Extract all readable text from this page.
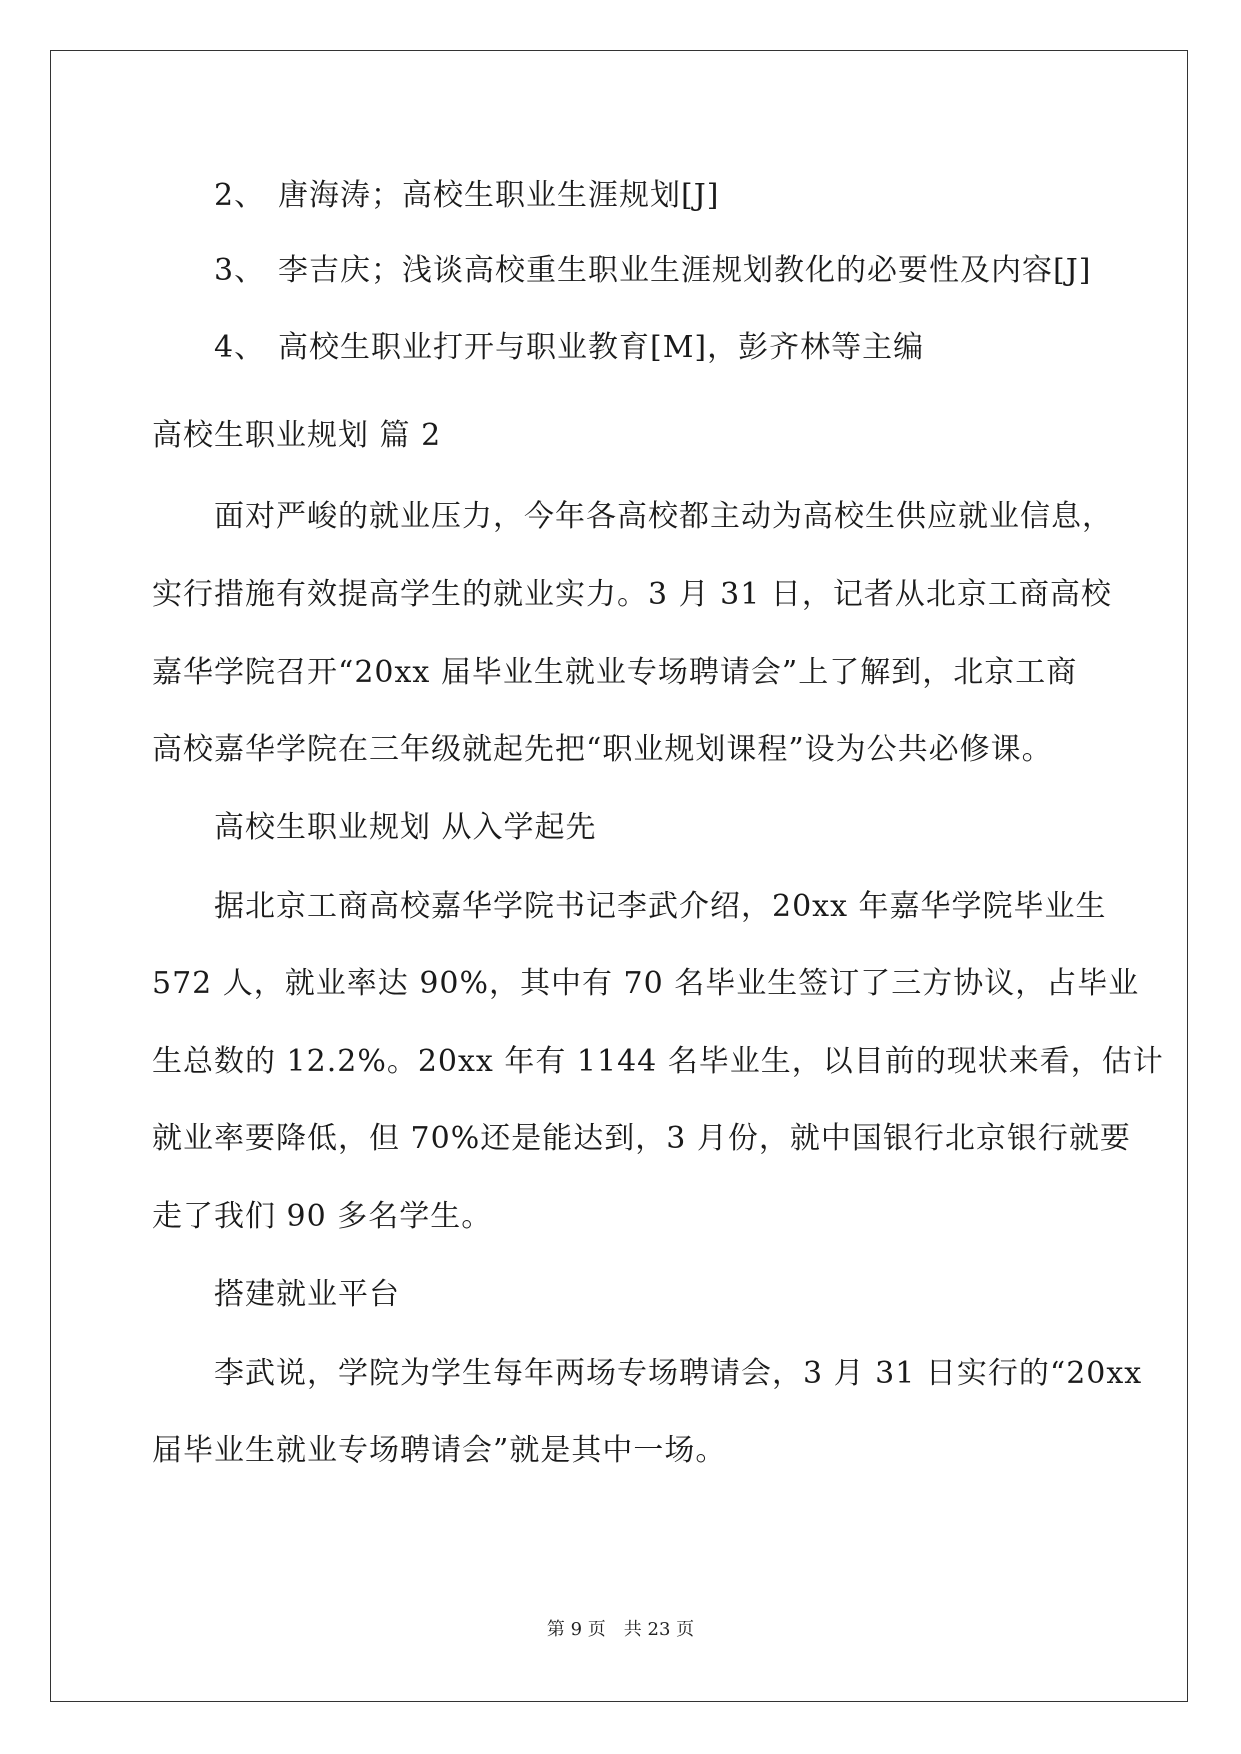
2、 唐海涛；高校生职业生涯规划[J]
3、 李吉庆；浅谈高校重生职业生涯规划教化的必要性及内容[J]
4、 高校生职业打开与职业教育[M]，彭齐林等主编
高校生职业规划 篇 2
面对严峻的就业压力，今年各高校都主动为高校生供应就业信息，
实行措施有效提高学生的就业实力。3 月 31 日，记者从北京工商高校
嘉华学院召开“20xx 届毕业生就业专场聘请会”上了解到，北京工商
高校嘉华学院在三年级就起先把“职业规划课程”设为公共必修课。
高校生职业规划 从入学起先
据北京工商高校嘉华学院书记李武介绍，20xx 年嘉华学院毕业生
572 人，就业率达 90%，其中有 70 名毕业生签订了三方协议，占毕业
生总数的 12.2%。20xx 年有 1144 名毕业生，以目前的现状来看，估计
就业率要降低，但 70%还是能达到，3 月份，就中国银行北京银行就要
走了我们 90 多名学生。
搭建就业平台
李武说，学院为学生每年两场专场聘请会，3 月 31 日实行的“20xx
届毕业生就业专场聘请会”就是其中一场。
第 9 页 共 23 页
